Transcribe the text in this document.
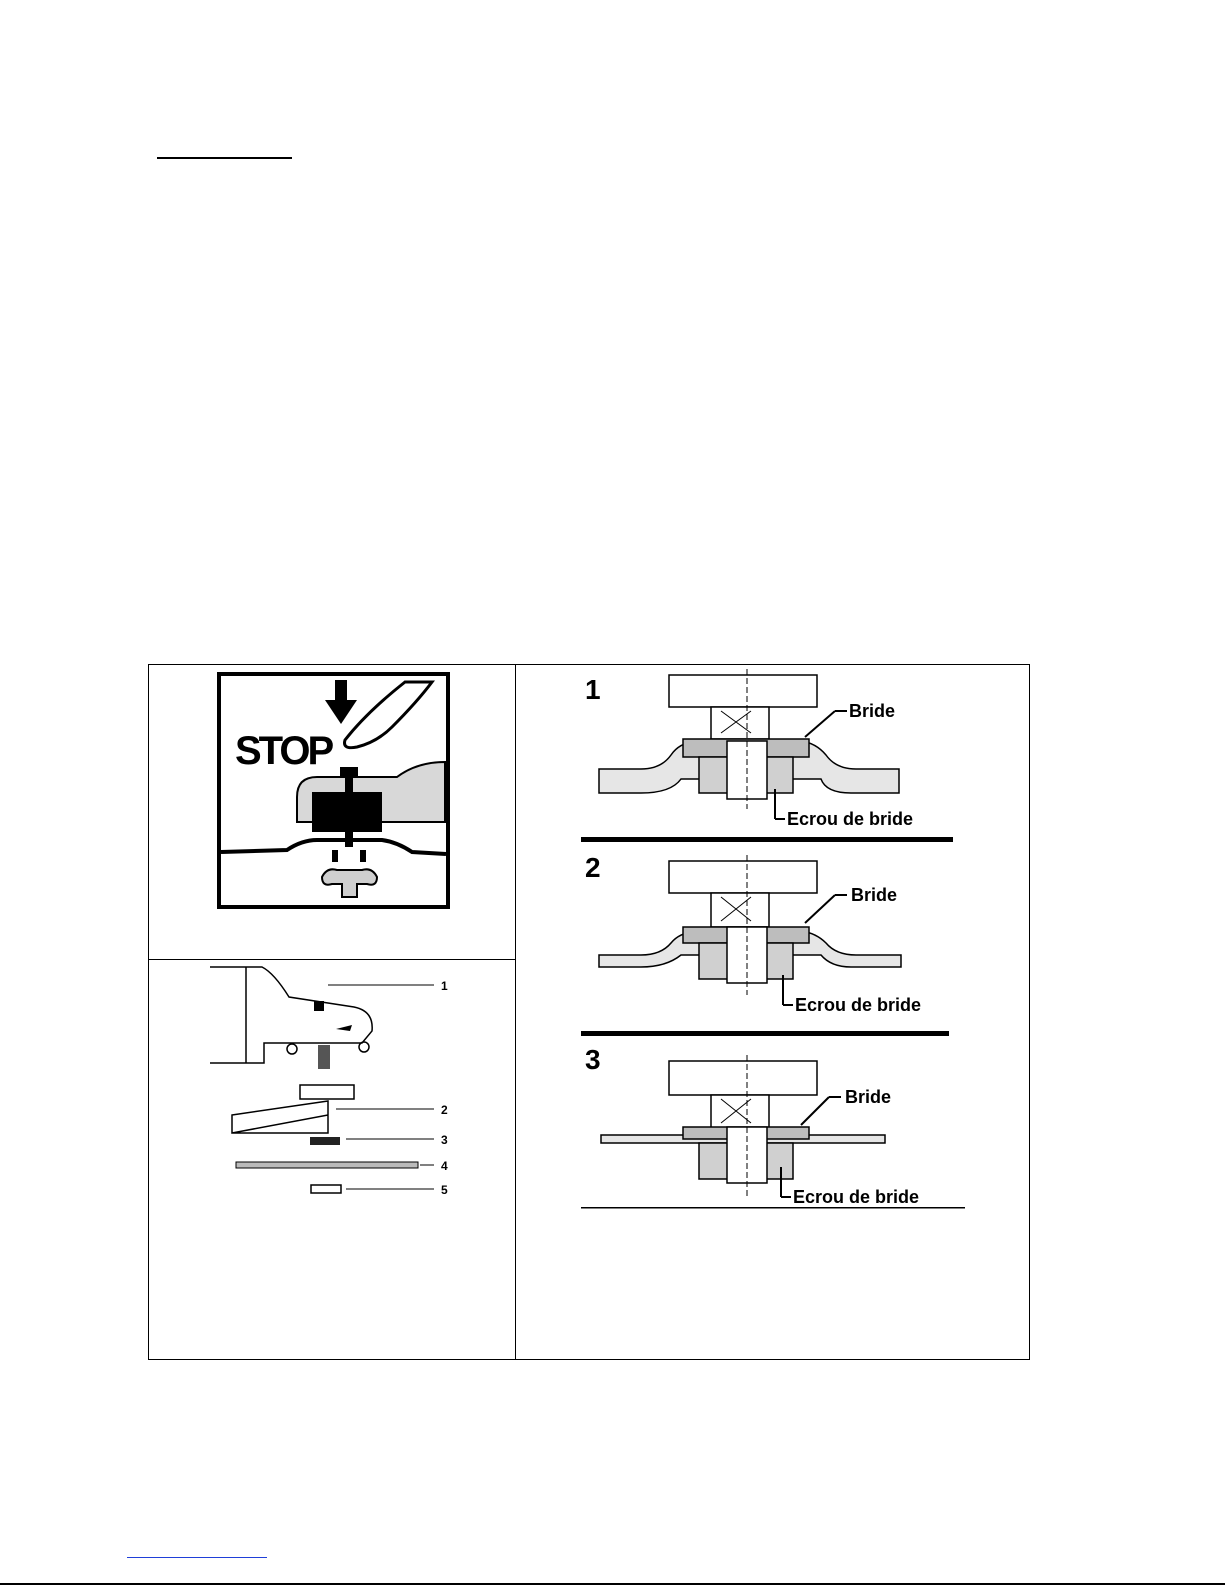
STOP
1
2
3
4
5
1
Bride
Ecrou de bride
2
Bride
Ecrou de bride
3
Bride
Ecrou de bride
